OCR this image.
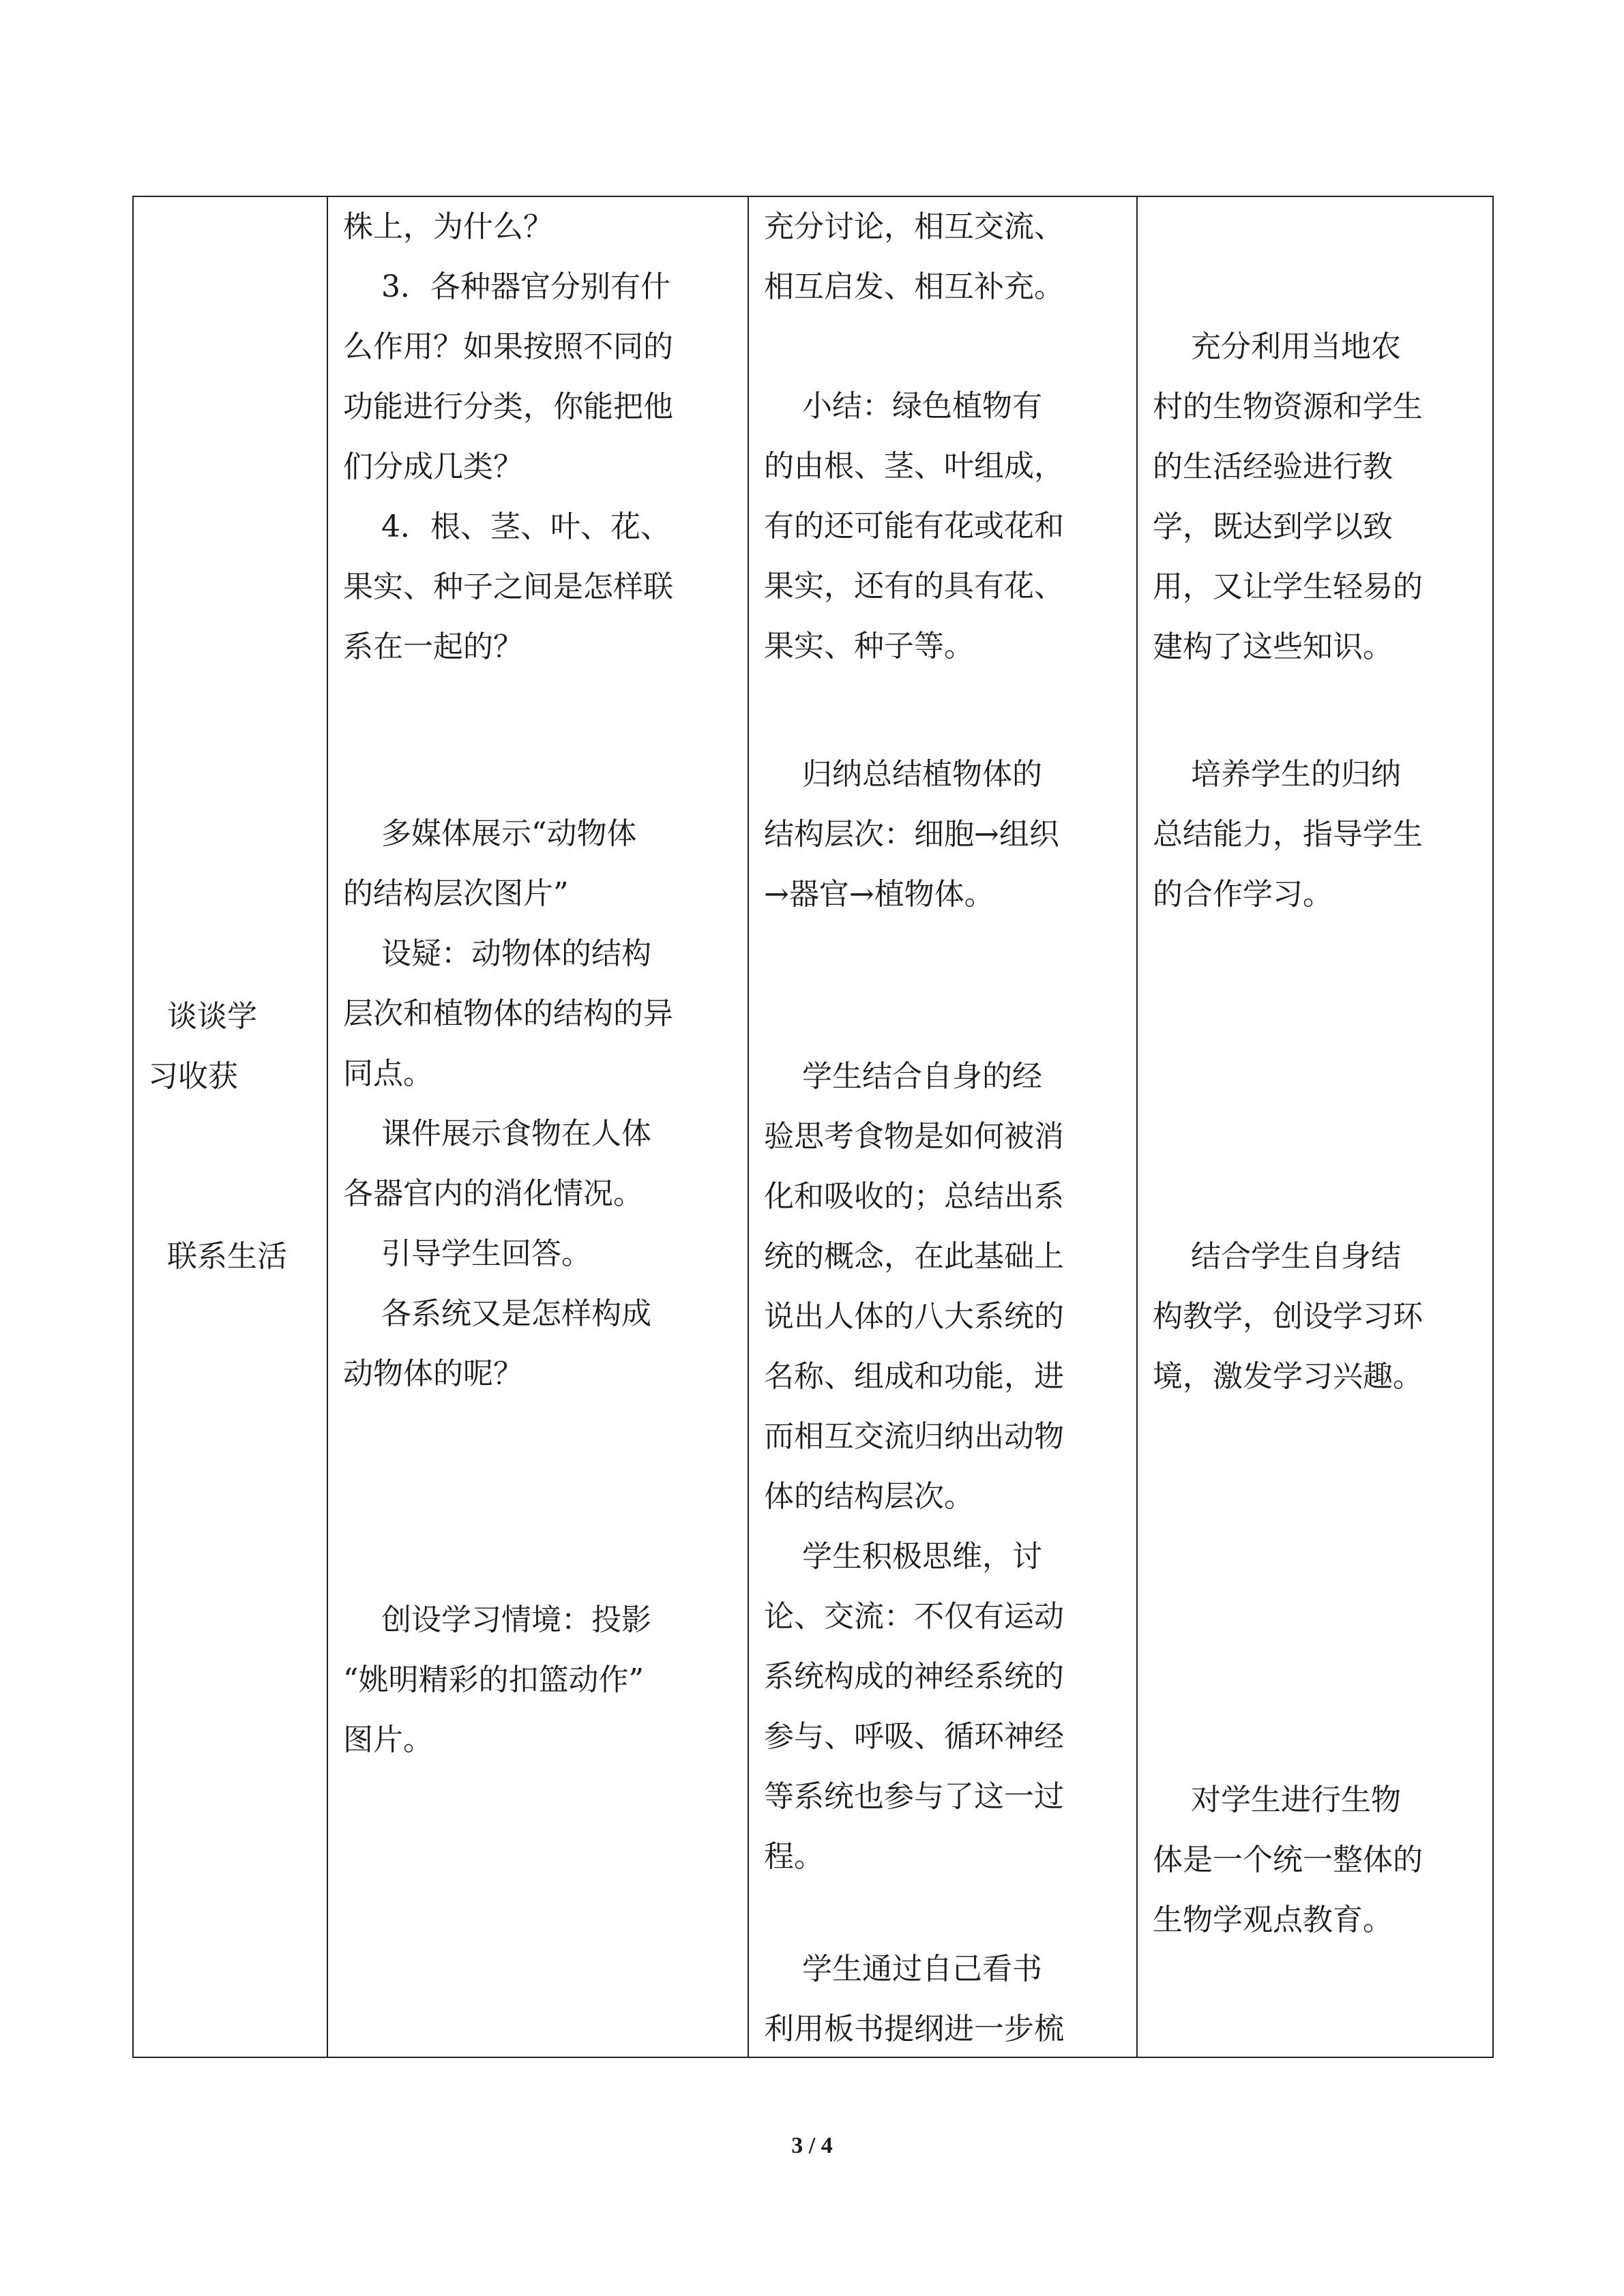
谈谈学
习收获
联系生活

株上，为什么？
3．各种器官分别有什
么作用？如果按照不同的
功能进行分类，你能把他
们分成几类？
4．根、茎、叶、花、
果实、种子之间是怎样联
系在一起的？
多媒体展示“动物体
的结构层次图片”
设疑：动物体的结构
层次和植物体的结构的异
同点。
课件展示食物在人体
各器官内的消化情况。
引导学生回答。
各系统又是怎样构成
动物体的呢？
创设学习情境：投影
“姚明精彩的扣篮动作”
图片。

充分讨论，相互交流、
相互启发、相互补充。
小结：绿色植物有
的由根、茎、叶组成，
有的还可能有花或花和
果实，还有的具有花、
果实、种子等。
归纳总结植物体的
结构层次：细胞→组织
→器官→植物体。
学生结合自身的经
验思考食物是如何被消
化和吸收的；总结出系
统的概念，在此基础上
说出人体的八大系统的
名称、组成和功能，进
而相互交流归纳出动物
体的结构层次。
学生积极思维，讨
论、交流：不仅有运动
系统构成的神经系统的
参与、呼吸、循环神经
等系统也参与了这一过
程。
学生通过自己看书
利用板书提纲进一步梳

充分利用当地农
村的生物资源和学生
的生活经验进行教
学，既达到学以致
用，又让学生轻易的
建构了这些知识。
培养学生的归纳
总结能力，指导学生
的合作学习。
结合学生自身结
构教学，创设学习环
境，激发学习兴趣。
对学生进行生物
体是一个统一整体的
生物学观点教育。
3 / 4
